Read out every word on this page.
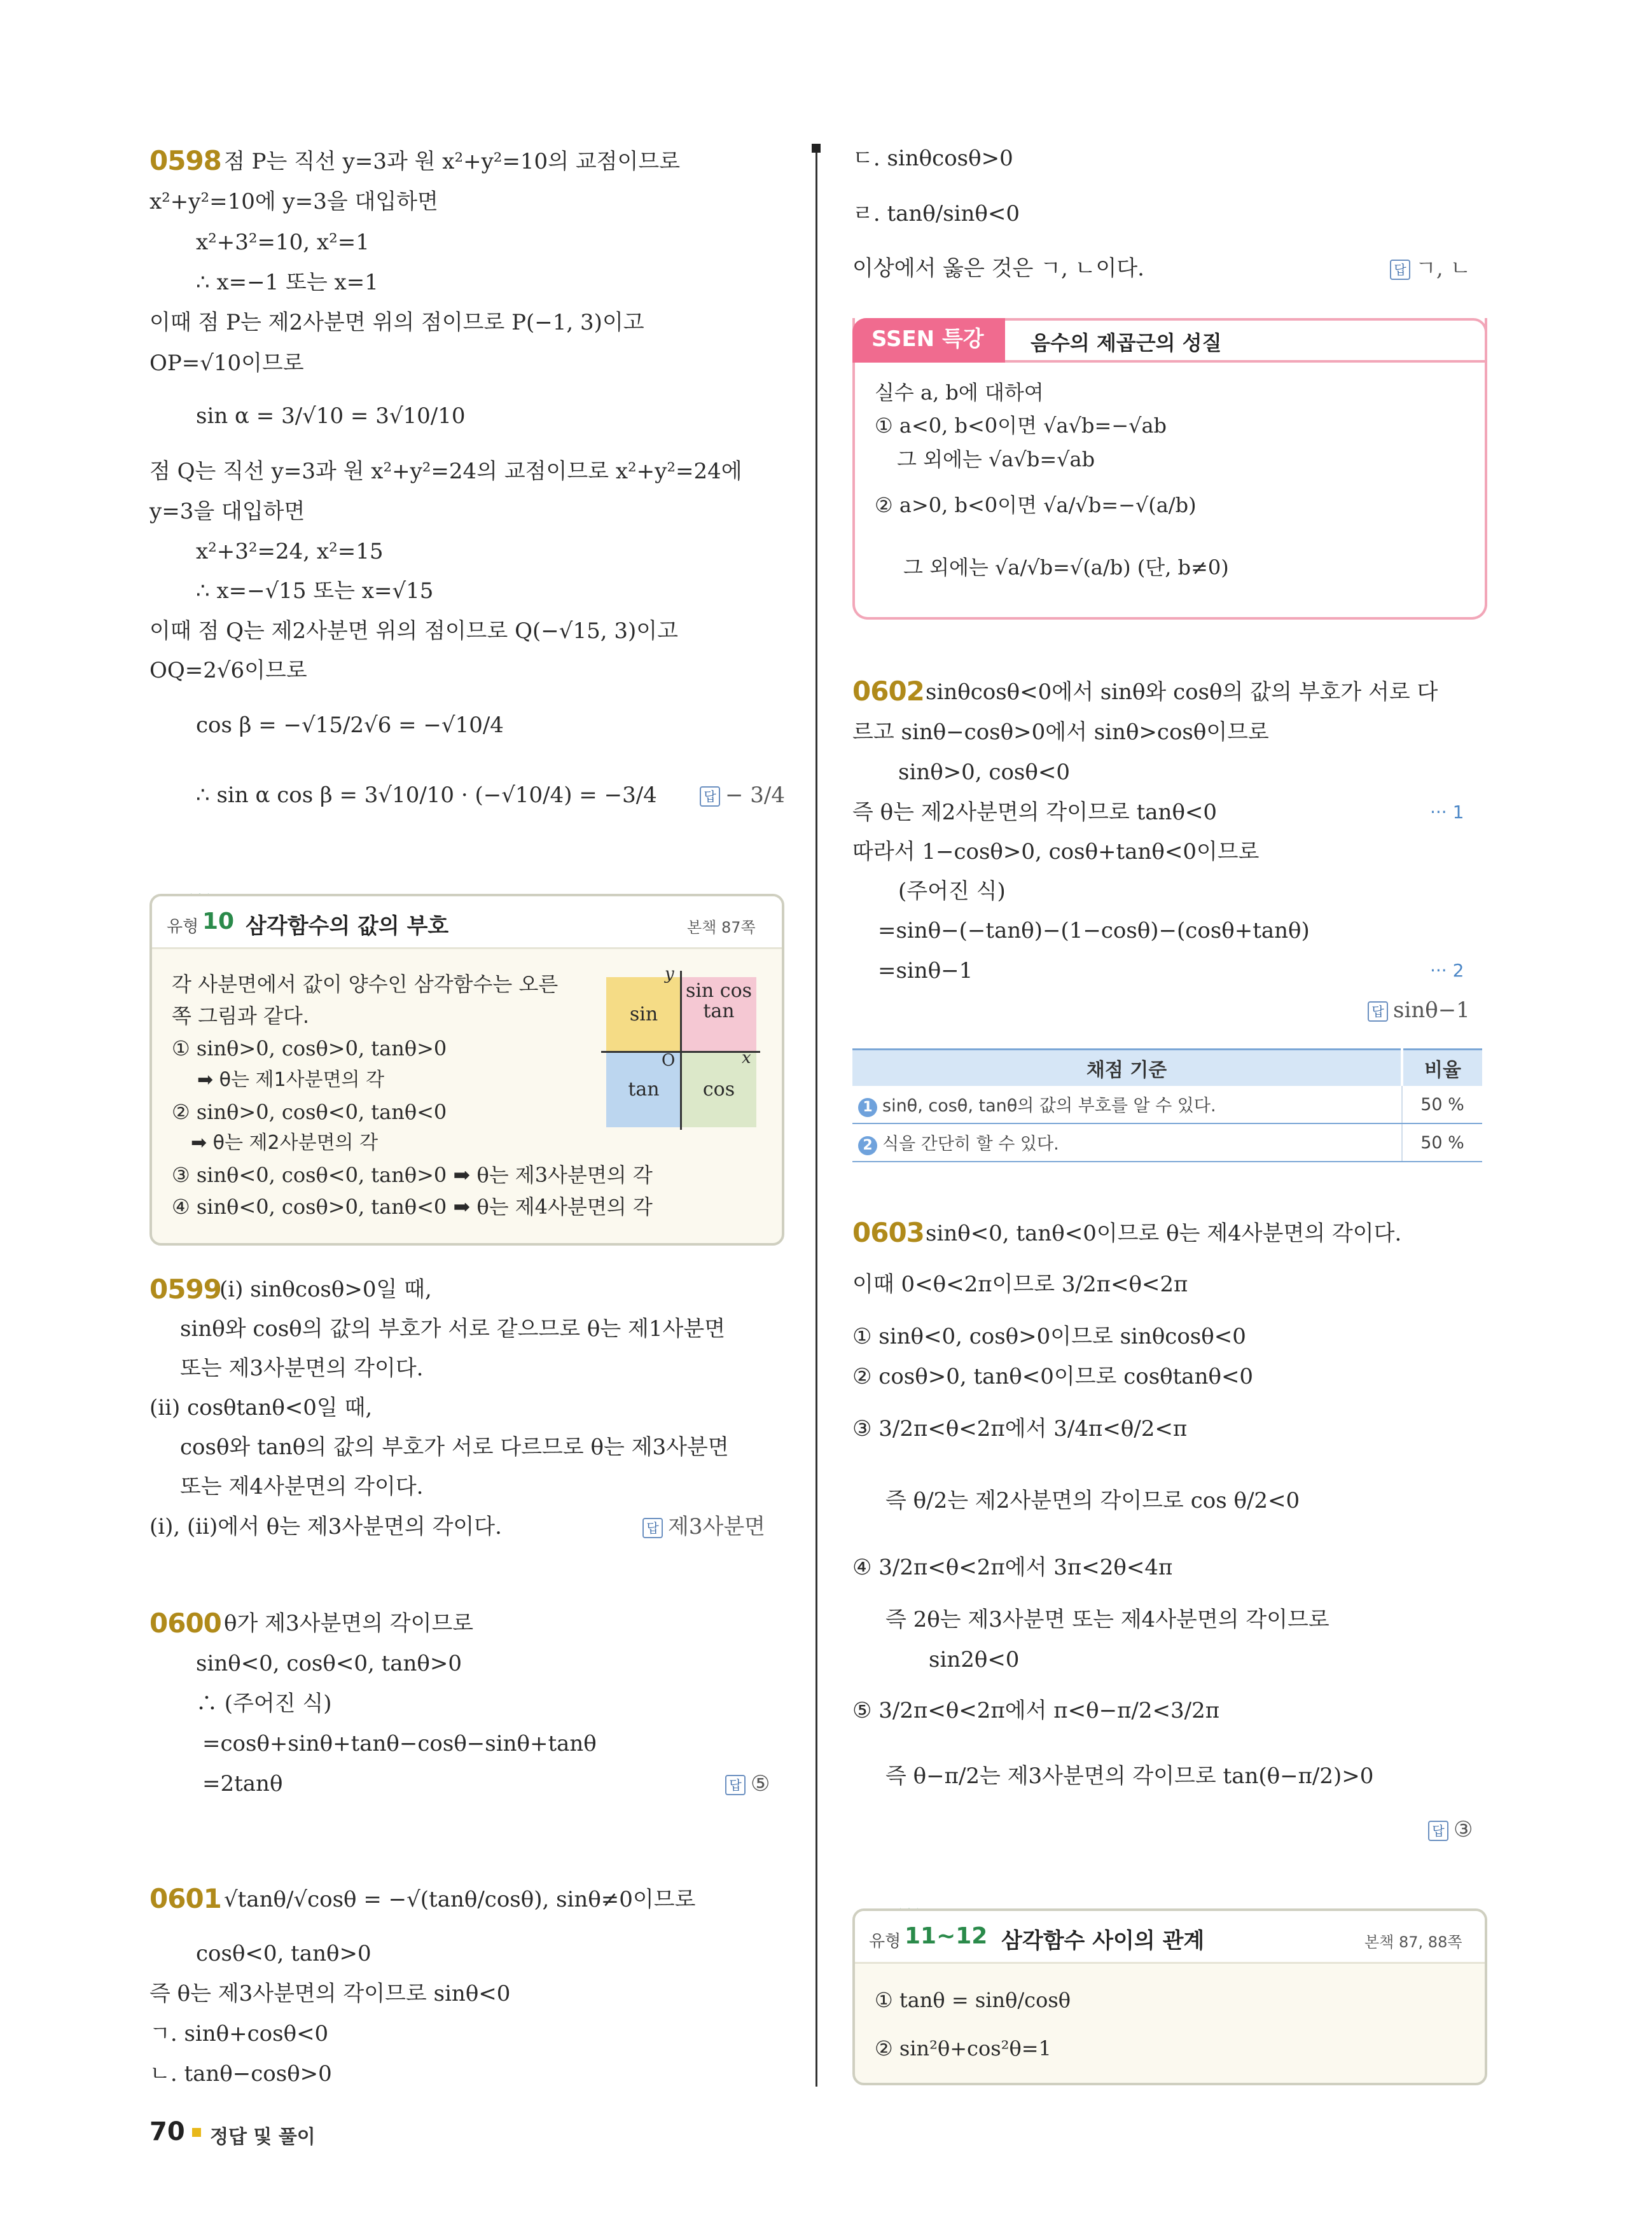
0598 점 P는 직선 y=3과 원 x²+y²=10의 교점이므로
x²+y²=10에 y=3을 대입하면
x²+3²=10, x²=1
∴ x=−1 또는 x=1
이때 점 P는 제2사분면 위의 점이므로 P(−1, 3)이고
OP=√10이므로
sin α = 3/√10 = 3√10/10
점 Q는 직선 y=3과 원 x²+y²=24의 교점이므로 x²+y²=24에
y=3을 대입하면
x²+3²=24, x²=15
∴ x=−√15 또는 x=√15
이때 점 Q는 제2사분면 위의 점이므로 Q(−√15, 3)이고
OQ=2√6이므로
cos β = −√15/2√6 = −√10/4
∴ sin α cos β = 3√10/10 · (−√10/4) = −3/4	답 − 3/4
유형 10 삼각함수의 값의 부호	본책 87쪽
각 사분면에서 값이 양수인 삼각함수는 오른
쪽 그림과 같다.
① sinθ>0, cosθ>0, tanθ>0
➡ θ는 제1사분면의 각
② sinθ>0, cosθ<0, tanθ<0
➡ θ는 제2사분면의 각
③ sinθ<0, cosθ<0, tanθ>0 ➡ θ는 제3사분면의 각
④ sinθ<0, cosθ>0, tanθ<0 ➡ θ는 제4사분면의 각
sin
sin cos tan
tan	cos
y
x
O
0599
(i) sinθcosθ>0일 때,
sinθ와 cosθ의 값의 부호가 서로 같으므로 θ는 제1사분면
또는 제3사분면의 각이다.
(ii) cosθtanθ<0일 때,
cosθ와 tanθ의 값의 부호가 서로 다르므로 θ는 제3사분면
또는 제4사분면의 각이다.
(i), (ii)에서 θ는 제3사분면의 각이다.	답 제3사분면
0600 θ가 제3사분면의 각이므로
sinθ<0, cosθ<0, tanθ>0
∴ (주어진 식)
=cosθ+sinθ+tanθ−cosθ−sinθ+tanθ
=2tanθ	답 ⑤
0601 √tanθ/√cosθ = −√(tanθ/cosθ), sinθ≠0이므로
cosθ<0, tanθ>0
즉 θ는 제3사분면의 각이므로 sinθ<0
ㄱ. sinθ+cosθ<0
ㄴ. tanθ−cosθ>0
70 정답 및 풀이
ㄷ. sinθcosθ>0
ㄹ. tanθ/sinθ<0
이상에서 옳은 것은 ㄱ, ㄴ이다.	답 ㄱ, ㄴ
SSEN 특강	음수의 제곱근의 성질
실수 a, b에 대하여
① a<0, b<0이면 √a√b=−√ab
그 외에는 √a√b=√ab
② a>0, b<0이면 √a/√b=−√(a/b)
그 외에는 √a/√b=√(a/b) (단, b≠0)
0602 sinθcosθ<0에서 sinθ와 cosθ의 값의 부호가 서로 다
르고 sinθ−cosθ>0에서 sinθ>cosθ이므로
sinθ>0, cosθ<0
즉 θ는 제2사분면의 각이므로 tanθ<0	··· 1
따라서 1−cosθ>0, cosθ+tanθ<0이므로
(주어진 식)
=sinθ−(−tanθ)−(1−cosθ)−(cosθ+tanθ)
=sinθ−1	··· 2
답 sinθ−1
채점 기준	비율
1 sinθ, cosθ, tanθ의 값의 부호를 알 수 있다.	50 %
2 식을 간단히 할 수 있다.	50 %
0603 sinθ<0, tanθ<0이므로 θ는 제4사분면의 각이다.
이때 0<θ<2π이므로 3/2π<θ<2π
① sinθ<0, cosθ>0이므로 sinθcosθ<0
② cosθ>0, tanθ<0이므로 cosθtanθ<0
③ 3/2π<θ<2π에서 3/4π<θ/2<π
즉 θ/2는 제2사분면의 각이므로 cos θ/2<0
④ 3/2π<θ<2π에서 3π<2θ<4π
즉 2θ는 제3사분면 또는 제4사분면의 각이므로
sin2θ<0
⑤ 3/2π<θ<2π에서 π<θ−π/2<3/2π
즉 θ−π/2는 제3사분면의 각이므로 tan(θ−π/2)>0
답 ③
유형 11~12 삼각함수 사이의 관계	본책 87, 88쪽
① tanθ = sinθ/cosθ
② sin²θ+cos²θ=1
